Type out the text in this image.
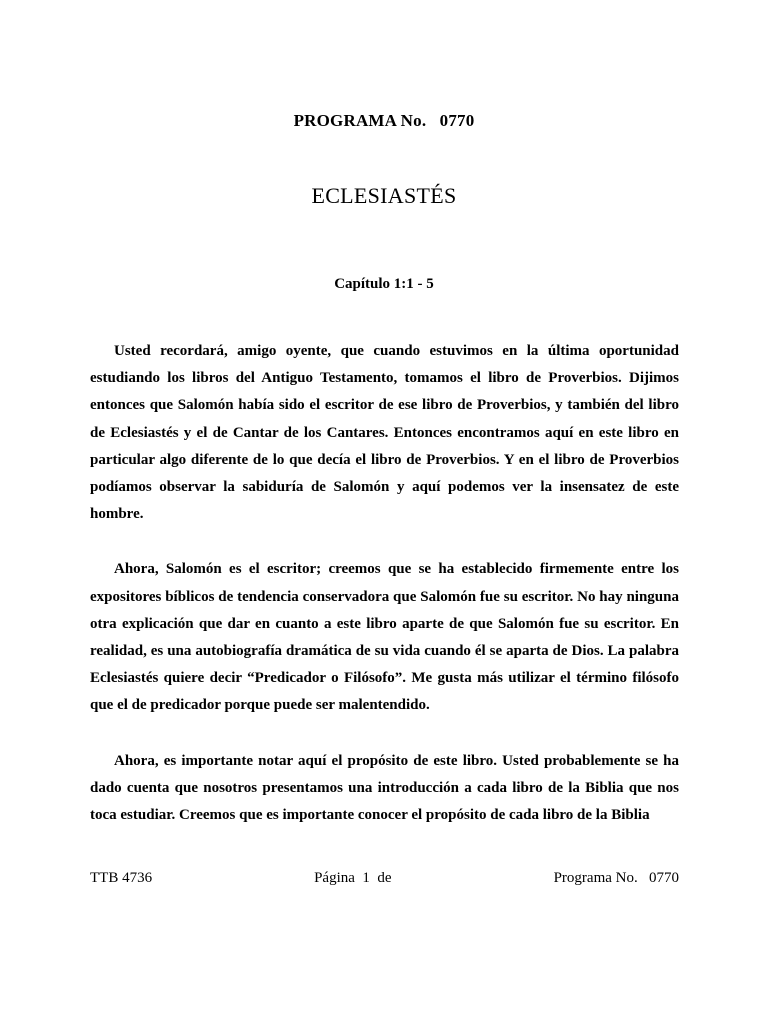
PROGRAMA No.   0770
ECLESIASTÉS
Capítulo 1:1 - 5

Usted recordará, amigo oyente, que cuando estuvimos en la última oportunidad estudiando los libros del Antiguo Testamento, tomamos el libro de Proverbios. Dijimos entonces que Salomón había sido el escritor de ese libro de Proverbios, y también del libro de Eclesiastés y el de Cantar de los Cantares. Entonces encontramos aquí en este libro en particular algo diferente de lo que decía el libro de Proverbios. Y en el libro de Proverbios podíamos observar la sabiduría de Salomón y aquí podemos ver la insensatez de este hombre.

Ahora, Salomón es el escritor; creemos que se ha establecido firmemente entre los expositores bíblicos de tendencia conservadora que Salomón fue su escritor. No hay ninguna otra explicación que dar en cuanto a este libro aparte de que Salomón fue su escritor. En realidad, es una autobiografía dramática de su vida cuando él se aparta de Dios. La palabra Eclesiastés quiere decir “Predicador o Filósofo”. Me gusta más utilizar el término filósofo que el de predicador porque puede ser malentendido.

Ahora, es importante notar aquí el propósito de este libro. Usted probablemente se ha dado cuenta que nosotros presentamos una introducción a cada libro de la Biblia que nos toca estudiar. Creemos que es importante conocer el propósito de cada libro de la Biblia

TTB 4736	Página  1  de	Programa No.   0770
